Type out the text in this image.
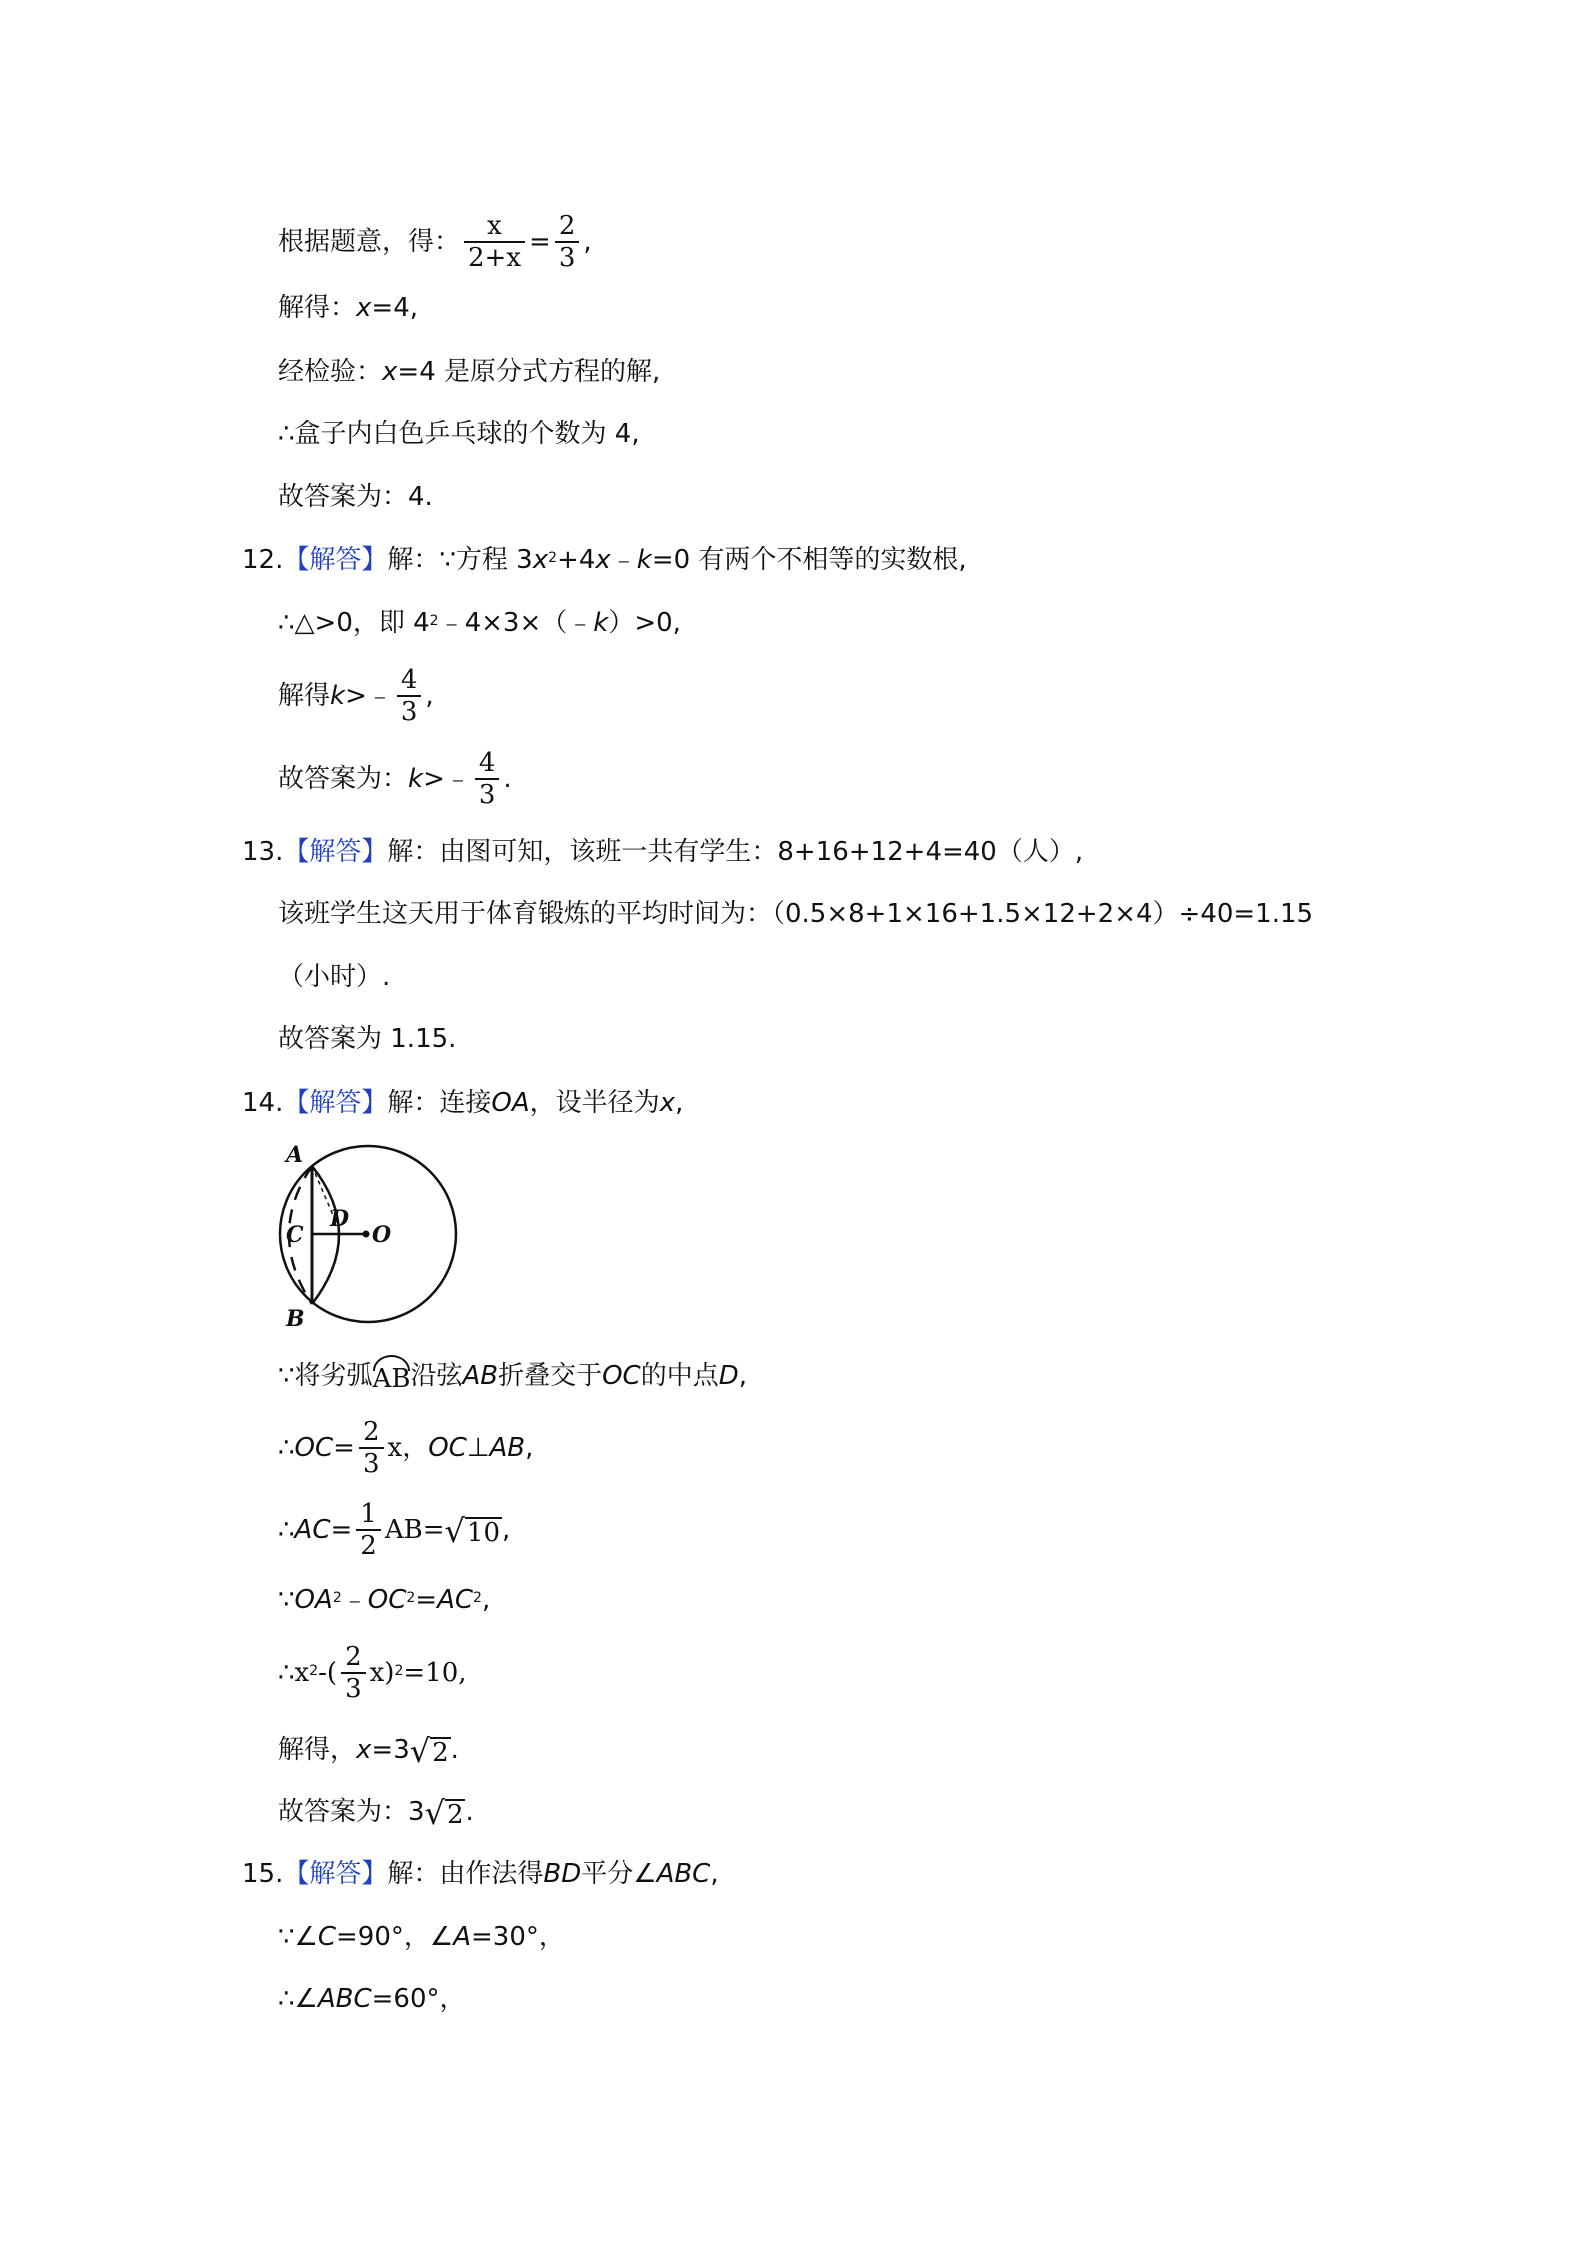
根据题意，得： $\frac{x}{2+x} = \frac{2}{3}$ ,
解得： x =4,
经检验： x =4 是原分式方程的解,
∴盒子内白色乒乓球的个数为 4,
故答案为：4.
12. 【解答】 解：∵方程 3 $x^2 +4$ x ﹣ k =0 有两个不相等的实数根,
∴△>0，即 $4^2$ ﹣4×3×（﹣ k ）>0,
解得 k >﹣ $\frac{4}{3}$ ,
故答案为： k >﹣ $\frac{4}{3}$ .
13. 【解答】 解：由图可知，该班一共有学生：8+16+12+4=40（人）,
该班学生这天用于体育锻炼的平均时间为：（0.5×8+1×16+1.5×12+2×4）÷40=1.15
（小时）.
故答案为 1.15.
14. 【解答】 解：连接 OA ，设半径为 x ,
A
B
C
D
O
∵将劣弧 AB 沿弦 AB 折叠交于 OC 的中点 D ,
∴ OC = $\frac{2}{3}$ x ， OC ⊥ AB ,
∴ AC = $\frac{1}{2} AB=$ √ 10 ,
∵ $OA^2$ ﹣ $OC^2 = AC^2$ ,
∴ $x^2$ -( $\frac{2}{3}$ x )$^2$ =10,
解得， x =3 √ 2 .
故答案为：3 √ 2 .
15. 【解答】 解：由作法得 BD 平分∠ ABC ,
∵∠ C =90°，∠ A =30°，
∴∠ ABC =60°，
